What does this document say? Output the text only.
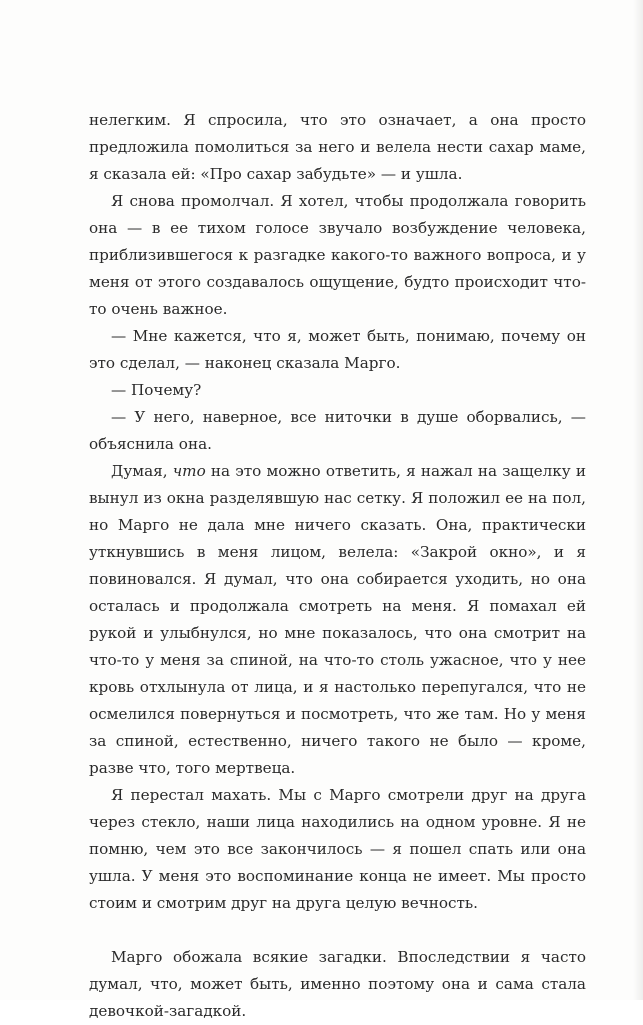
нелегким. Я спросила, что это означает, а она просто предложила помолиться за него и велела нести сахар маме, я сказала ей: «Про сахар забудьте» — и ушла.

Я снова промолчал. Я хотел, чтобы продолжала говорить она — в ее тихом голосе звучало возбуждение человека, приблизившегося к разгадке какого-то важного вопроса, и у меня от этого создавалось ощущение, будто происходит что-то очень важное.

— Мне кажется, что я, может быть, понимаю, почему он это сделал, — наконец сказала Марго.

— Почему?

— У него, наверное, все ниточки в душе оборвались, — объяснила она.

Думая, что на это можно ответить, я нажал на защелку и вынул из окна разделявшую нас сетку. Я положил ее на пол, но Марго не дала мне ничего сказать. Она, практически уткнувшись в меня лицом, велела: «Закрой окно», и я повиновался. Я думал, что она собирается уходить, но она осталась и продолжала смотреть на меня. Я помахал ей рукой и улыбнулся, но мне показалось, что она смотрит на что-то у меня за спиной, на что-то столь ужасное, что у нее кровь отхлынула от лица, и я настолько перепугался, что не осмелился повернуться и посмотреть, что же там. Но у меня за спиной, естественно, ничего такого не было — кроме, разве что, того мертвеца.

Я перестал махать. Мы с Марго смотрели друг на друга через стекло, наши лица находились на одном уровне. Я не помню, чем это все закончилось — я пошел спать или она ушла. У меня это воспоминание конца не имеет. Мы просто стоим и смотрим друг на друга целую вечность.

Марго обожала всякие загадки. Впоследствии я часто думал, что, может быть, именно поэтому она и сама стала девочкой-загадкой.
